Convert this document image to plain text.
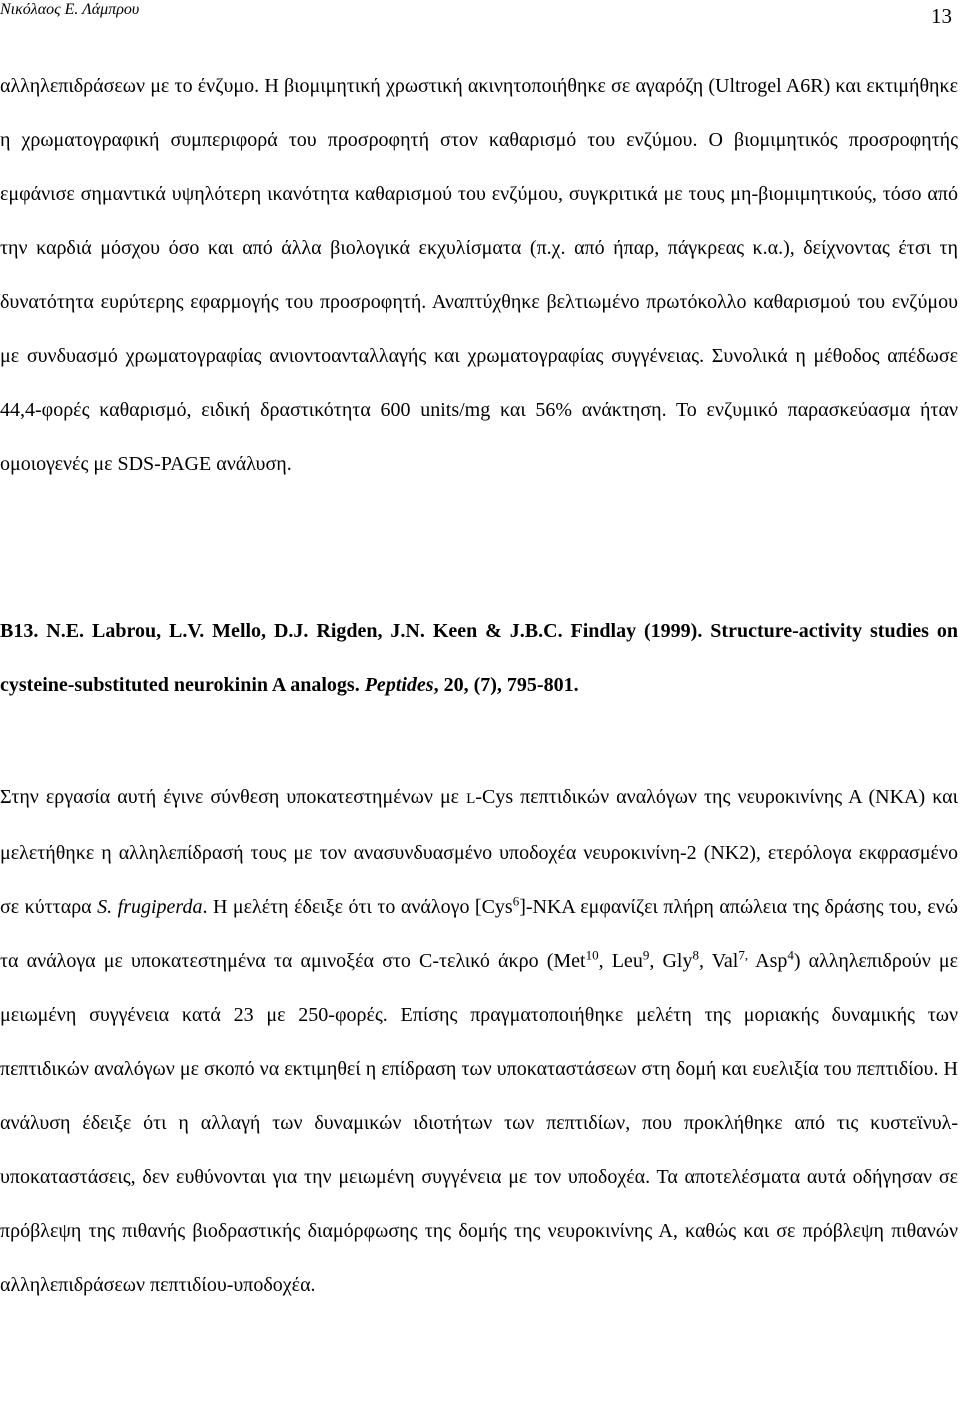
Νικόλαος Ε. Λάμπρου	13

αλληλεπιδράσεων με το ένζυμο. Η βιομιμητική χρωστική ακινητοποιήθηκε σε αγαρόζη (Ultrogel A6R) και εκτιμήθηκε η χρωματογραφική συμπεριφορά του προσροφητή στον καθαρισμό του ενζύμου. Ο βιομιμητικός προσροφητής εμφάνισε σημαντικά υψηλότερη ικανότητα καθαρισμού του ενζύμου, συγκριτικά με τους μη-βιομιμητικούς, τόσο από την καρδιά μόσχου όσο και από άλλα βιολογικά εκχυλίσματα (π.χ. από ήπαρ, πάγκρεας κ.α.), δείχνοντας έτσι τη δυνατότητα ευρύτερης εφαρμογής του προσροφητή. Αναπτύχθηκε βελτιωμένο πρωτόκολλο καθαρισμού του ενζύμου με συνδυασμό χρωματογραφίας ανιοντοανταλλαγής και χρωματογραφίας συγγένειας. Συνολικά η μέθοδος απέδωσε 44,4-φορές καθαρισμό, ειδική δραστικότητα 600 units/mg και 56% ανάκτηση. Το ενζυμικό παρασκεύασμα ήταν ομοιογενές με SDS-PAGE ανάλυση.

B13. N.E. Labrou, L.V. Mello, D.J. Rigden, J.N. Keen & J.B.C. Findlay (1999). Structure-activity studies on cysteine-substituted neurokinin A analogs. Peptides, 20, (7), 795-801.

Στην εργασία αυτή έγινε σύνθεση υποκατεστημένων με L-Cys πεπτιδικών αναλόγων της νευροκινίνης Α (ΝΚΑ) και μελετήθηκε η αλληλεπίδρασή τους με τον ανασυνδυασμένο υποδοχέα νευροκινίνη-2 (ΝΚ2), ετερόλογα εκφρασμένο σε κύτταρα S. frugiperda. Η μελέτη έδειξε ότι το ανάλογο [Cys$^6$]-NKA εμφανίζει πλήρη απώλεια της δράσης του, ενώ τα ανάλογα με υποκατεστημένα τα αμινοξέα στο C-τελικό άκρο (Met$^{10}$, Leu$^9$, Gly$^8$, Val$^{7,}$ Asp$^4$) αλληλεπιδρούν με μειωμένη συγγένεια κατά 23 με 250-φορές. Επίσης πραγματοποιήθηκε μελέτη της μοριακής δυναμικής των πεπτιδικών αναλόγων με σκοπό να εκτιμηθεί η επίδραση των υποκαταστάσεων στη δομή και ευελιξία του πεπτιδίου. Η ανάλυση έδειξε ότι η αλλαγή των δυναμικών ιδιοτήτων των πεπτιδίων, που προκλήθηκε από τις κυστεϊνυλ-υποκαταστάσεις, δεν ευθύνονται για την μειωμένη συγγένεια με τον υποδοχέα. Τα αποτελέσματα αυτά οδήγησαν σε πρόβλεψη της πιθανής βιοδραστικής διαμόρφωσης της δομής της νευροκινίνης Α, καθώς και σε πρόβλεψη πιθανών αλληλεπιδράσεων πεπτιδίου-υποδοχέα.
